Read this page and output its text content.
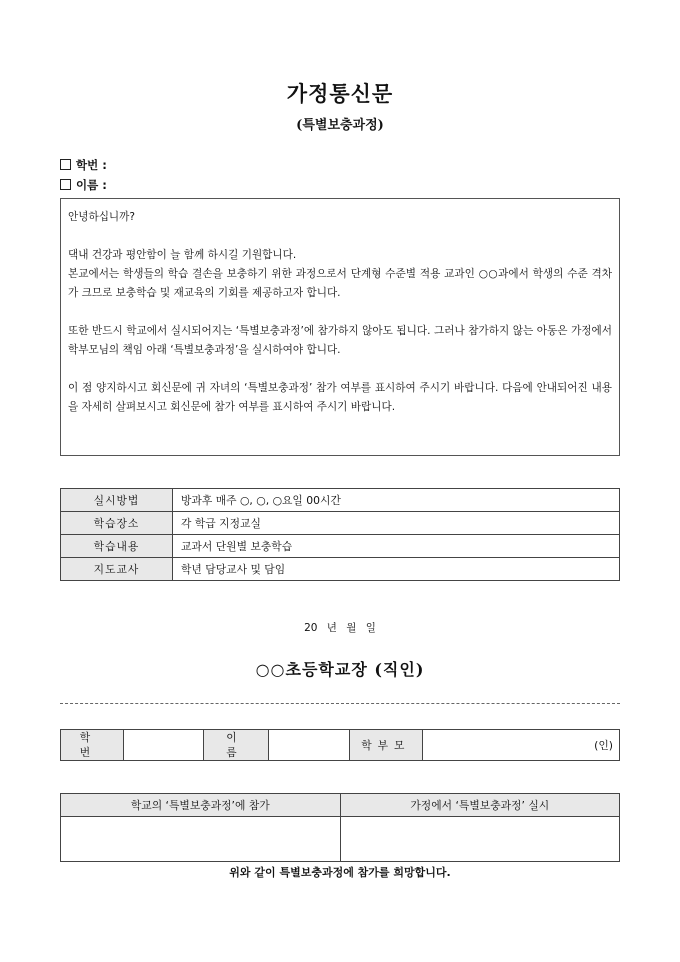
가정통신문
(특별보충과정)
학번 :
이름 :

안녕하십니까?

댁내 건강과 평안함이 늘 함께 하시길 기원합니다.
본교에서는 학생들의 학습 결손을 보충하기 위한 과정으로서 단계형 수준별 적용 교과인 ○○과에서 학생의 수준 격차가 크므로 보충학습 및 재교육의 기회를 제공하고자 합니다.

또한 반드시 학교에서 실시되어지는 ‘특별보충과정’에 참가하지 않아도 됩니다. 그러나 참가하지 않는 아동은 가정에서 학부모님의 책임 아래 ‘특별보충과정’을 실시하여야 합니다.

이 점 양지하시고 회신문에 귀 자녀의 ‘특별보충과정’ 참가 여부를 표시하여 주시기 바랍니다. 다음에 안내되어진 내용을 자세히 살펴보시고 회신문에 참가 여부를 표시하여 주시기 바랍니다.

실시방법	방과후 매주 ○, ○, ○요일 00시간
학습장소	각 학급 지정교실
학습내용	교과서 단원별 보충학습
지도교사	학년 담당교사 및 담임
20 년 월 일
○○초등학교장 (직인)
학 번		이 름		학부모	(인)
학교의 ‘특별보충과정’에 참가	가정에서 ‘특별보충과정’ 실시

위와 같이 특별보충과정에 참가를 희망합니다.
